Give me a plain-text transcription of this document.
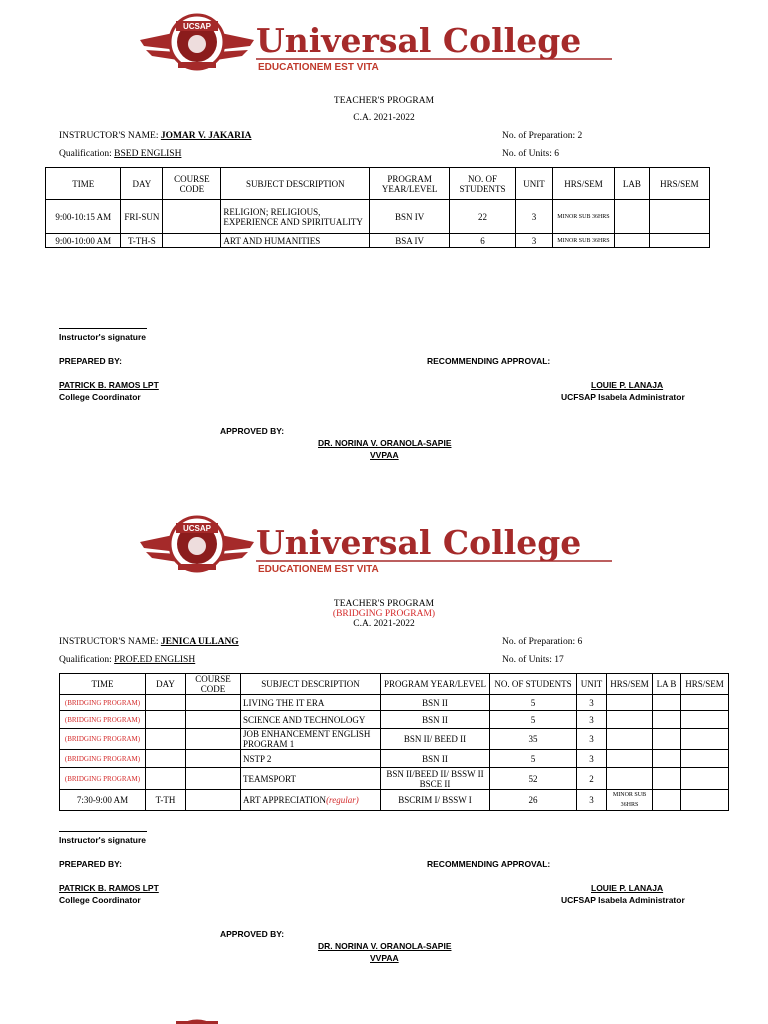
UCSAP Universal College
EDUCATIONEM EST VITA
TEACHER'S PROGRAM
C.A. 2021-2022
INSTRUCTOR'S NAME: JOMAR V. JAKARIA	No. of Preparation: 2
Qualification: BSED ENGLISH	No. of Units: 6
TIME	DAY	COURSE CODE	SUBJECT DESCRIPTION	PROGRAM YEAR/LEVEL	NO. OF STUDENTS	UNIT	HRS/SEM	LAB	HRS/SEM
9:00-10:15 AM	FRI-SUN		RELIGION; RELIGIOUS, EXPERIENCE AND SPIRITUALITY	BSN IV	22	3	MINOR SUB 36HRS		
9:00-10:00 AM	T-TH-S		ART AND HUMANITIES	BSA IV	6	3	MINOR SUB 36HRS		
Instructor's signature
PREPARED BY:	RECOMMENDING APPROVAL:
PATRICK B. RAMOS LPT
College Coordinator
LOUIE P. LANAJA
UCFSAP Isabela Administrator
APPROVED BY:
DR. NORINA V. ORANOLA-SAPIE
VVPAA
UCSAP Universal College
EDUCATIONEM EST VITA
TEACHER'S PROGRAM
(BRIDGING PROGRAM)
C.A. 2021-2022
INSTRUCTOR'S NAME: JENICA ULLANG	No. of Preparation: 6
Qualification: PROF.ED ENGLISH	No. of Units: 17
TIME	DAY	COURSE CODE	SUBJECT DESCRIPTION	PROGRAM YEAR/LEVEL	NO. OF STUDENTS	UNIT	HRS/SEM	LA B	HRS/SEM
(BRIDGING PROGRAM)			LIVING THE IT ERA	BSN II	5	3			
(BRIDGING PROGRAM)			SCIENCE AND TECHNOLOGY	BSN II	5	3			
(BRIDGING PROGRAM)			JOB ENHANCEMENT ENGLISH PROGRAM 1	BSN II/ BEED II	35	3			
(BRIDGING PROGRAM)			NSTP 2	BSN II	5	3			
(BRIDGING PROGRAM)			TEAMSPORT	BSN II/BEED II/ BSSW II BSCE II	52	2			
7:30-9:00 AM	T-TH		ART APPRECIATION(regular)	BSCRIM I/ BSSW I	26	3	MINOR SUB 36HRS		
Instructor's signature
PREPARED BY:	RECOMMENDING APPROVAL:
PATRICK B. RAMOS LPT
College Coordinator
LOUIE P. LANAJA
UCFSAP Isabela Administrator
APPROVED BY:
DR. NORINA V. ORANOLA-SAPIE
VVPAA
